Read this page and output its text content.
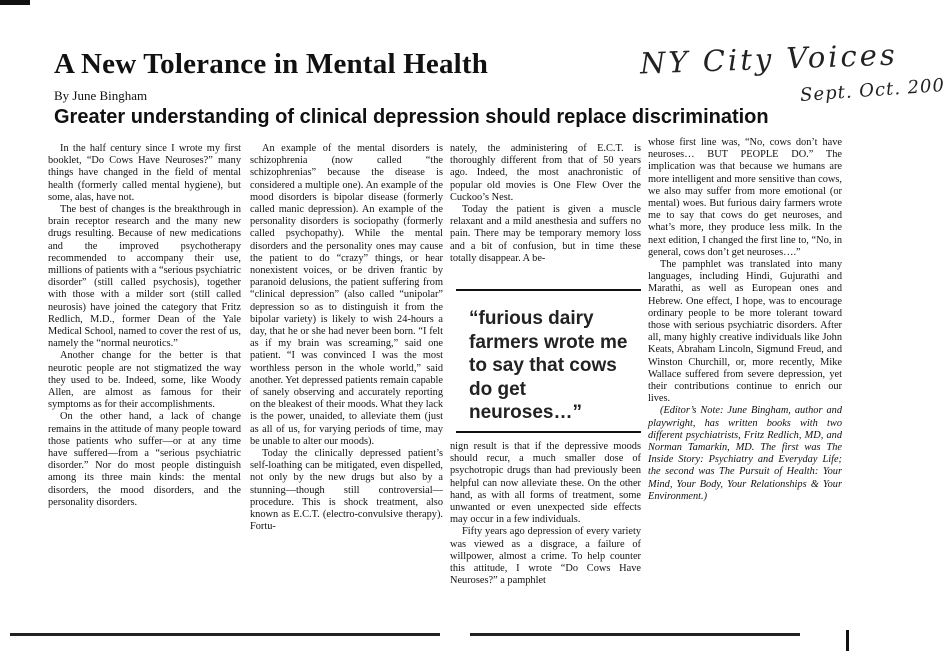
A New Tolerance in Mental Health	NY City Voices
Sept. Oct. 200
By June Bingham
Greater understanding of clinical depression should replace discrimination

In the half century since I wrote my first booklet, “Do Cows Have Neuroses?” many things have changed in the field of mental health (formerly called mental hygiene), but some, alas, have not.

The best of changes is the breakthrough in brain receptor research and the many new drugs resulting. Because of new medications and the improved psychotherapy recommended to accompany their use, millions of patients with a “serious psychiatric disorder” (still called psychosis), together with those with a milder sort (still called neurosis) have joined the category that Fritz Redlich, M.D., former Dean of the Yale Medical School, named to cover the rest of us, namely the “normal neurotics.”

Another change for the better is that neurotic people are not stigmatized the way they used to be. Indeed, some, like Woody Allen, are almost as famous for their symptoms as for their accomplishments.

On the other hand, a lack of change remains in the attitude of many people toward those patients who suffer—or at any time have suffered—from a “serious psychiatric disorder.” Nor do most people distinguish among its three main kinds: the mental disorders, the mood disorders, and the personality disorders.

An example of the mental disorders is schizophrenia (now called “the schizophrenias” because the disease is considered a multiple one). An example of the mood disorders is bipolar disease (formerly called manic depression). An example of the personality disorders is sociopathy (formerly called psychopathy). While the mental disorders and the personality ones may cause the patient to do “crazy” things, or hear nonexistent voices, or be driven frantic by paranoid delusions, the patient suffering from “clinical depression” (also called “unipolar” depression so as to distinguish it from the bipolar variety) is likely to wish 24-hours a day, that he or she had never been born. “I felt as if my brain was screaming,” said one patient. “I was convinced I was the most worthless person in the whole world,” said another. Yet depressed patients remain capable of sanely observing and accurately reporting on the bleakest of their moods. What they lack is the power, unaided, to alleviate them (just as all of us, for varying periods of time, may be unable to alter our moods).

Today the clinically depressed patient’s self-loathing can be mitigated, even dispelled, not only by the new drugs but also by a stunning—though still controversial—procedure. This is shock treatment, also known as E.C.T. (electro-convulsive therapy). Fortu-

nately, the administering of E.C.T. is thoroughly different from that of 50 years ago. Indeed, the most anachronistic of popular old movies is One Flew Over the Cuckoo’s Nest.

Today the patient is given a muscle relaxant and a mild anesthesia and suffers no pain. There may be temporary memory loss and a bit of confusion, but in time these totally disappear. A be-

“furious dairy farmers wrote me to say that cows do get neuroses…”

nign result is that if the depressive moods should recur, a much smaller dose of psychotropic drugs than had previously been helpful can now alleviate these. On the other hand, as with all forms of treatment, some unwanted or even unexpected side effects may occur in a few individuals.

Fifty years ago depression of every variety was viewed as a disgrace, a failure of willpower, almost a crime. To help counter this attitude, I wrote “Do Cows Have Neuroses?” a pamphlet

whose first line was, “No, cows don’t have neuroses… BUT PEOPLE DO.” The implication was that because we humans are more intelligent and more sensitive than cows, we also may suffer from more emotional (or mental) woes. But furious dairy farmers wrote me to say that cows do get neuroses, and what’s more, they produce less milk. In the next edition, I changed the first line to, “No, in general, cows don’t get neuroses….”

The pamphlet was translated into many languages, including Hindi, Gujurathi and Marathi, as well as European ones and Hebrew. One effect, I hope, was to encourage ordinary people to be more tolerant toward those with serious psychiatric disorders. After all, many highly creative individuals like John Keats, Abraham Lincoln, Sigmund Freud, and Winston Churchill, or, more recently, Mike Wallace suffered from severe depression, yet their contributions continue to enrich our lives.

(Editor’s Note: June Bingham, author and playwright, has written books with two different psychiatrists, Fritz Redlich, MD, and Norman Tamarkin, MD. The first was The Inside Story: Psychiatry and Everyday Life; the second was The Pursuit of Health: Your Mind, Your Body, Your Relationships & Your Environment.)
